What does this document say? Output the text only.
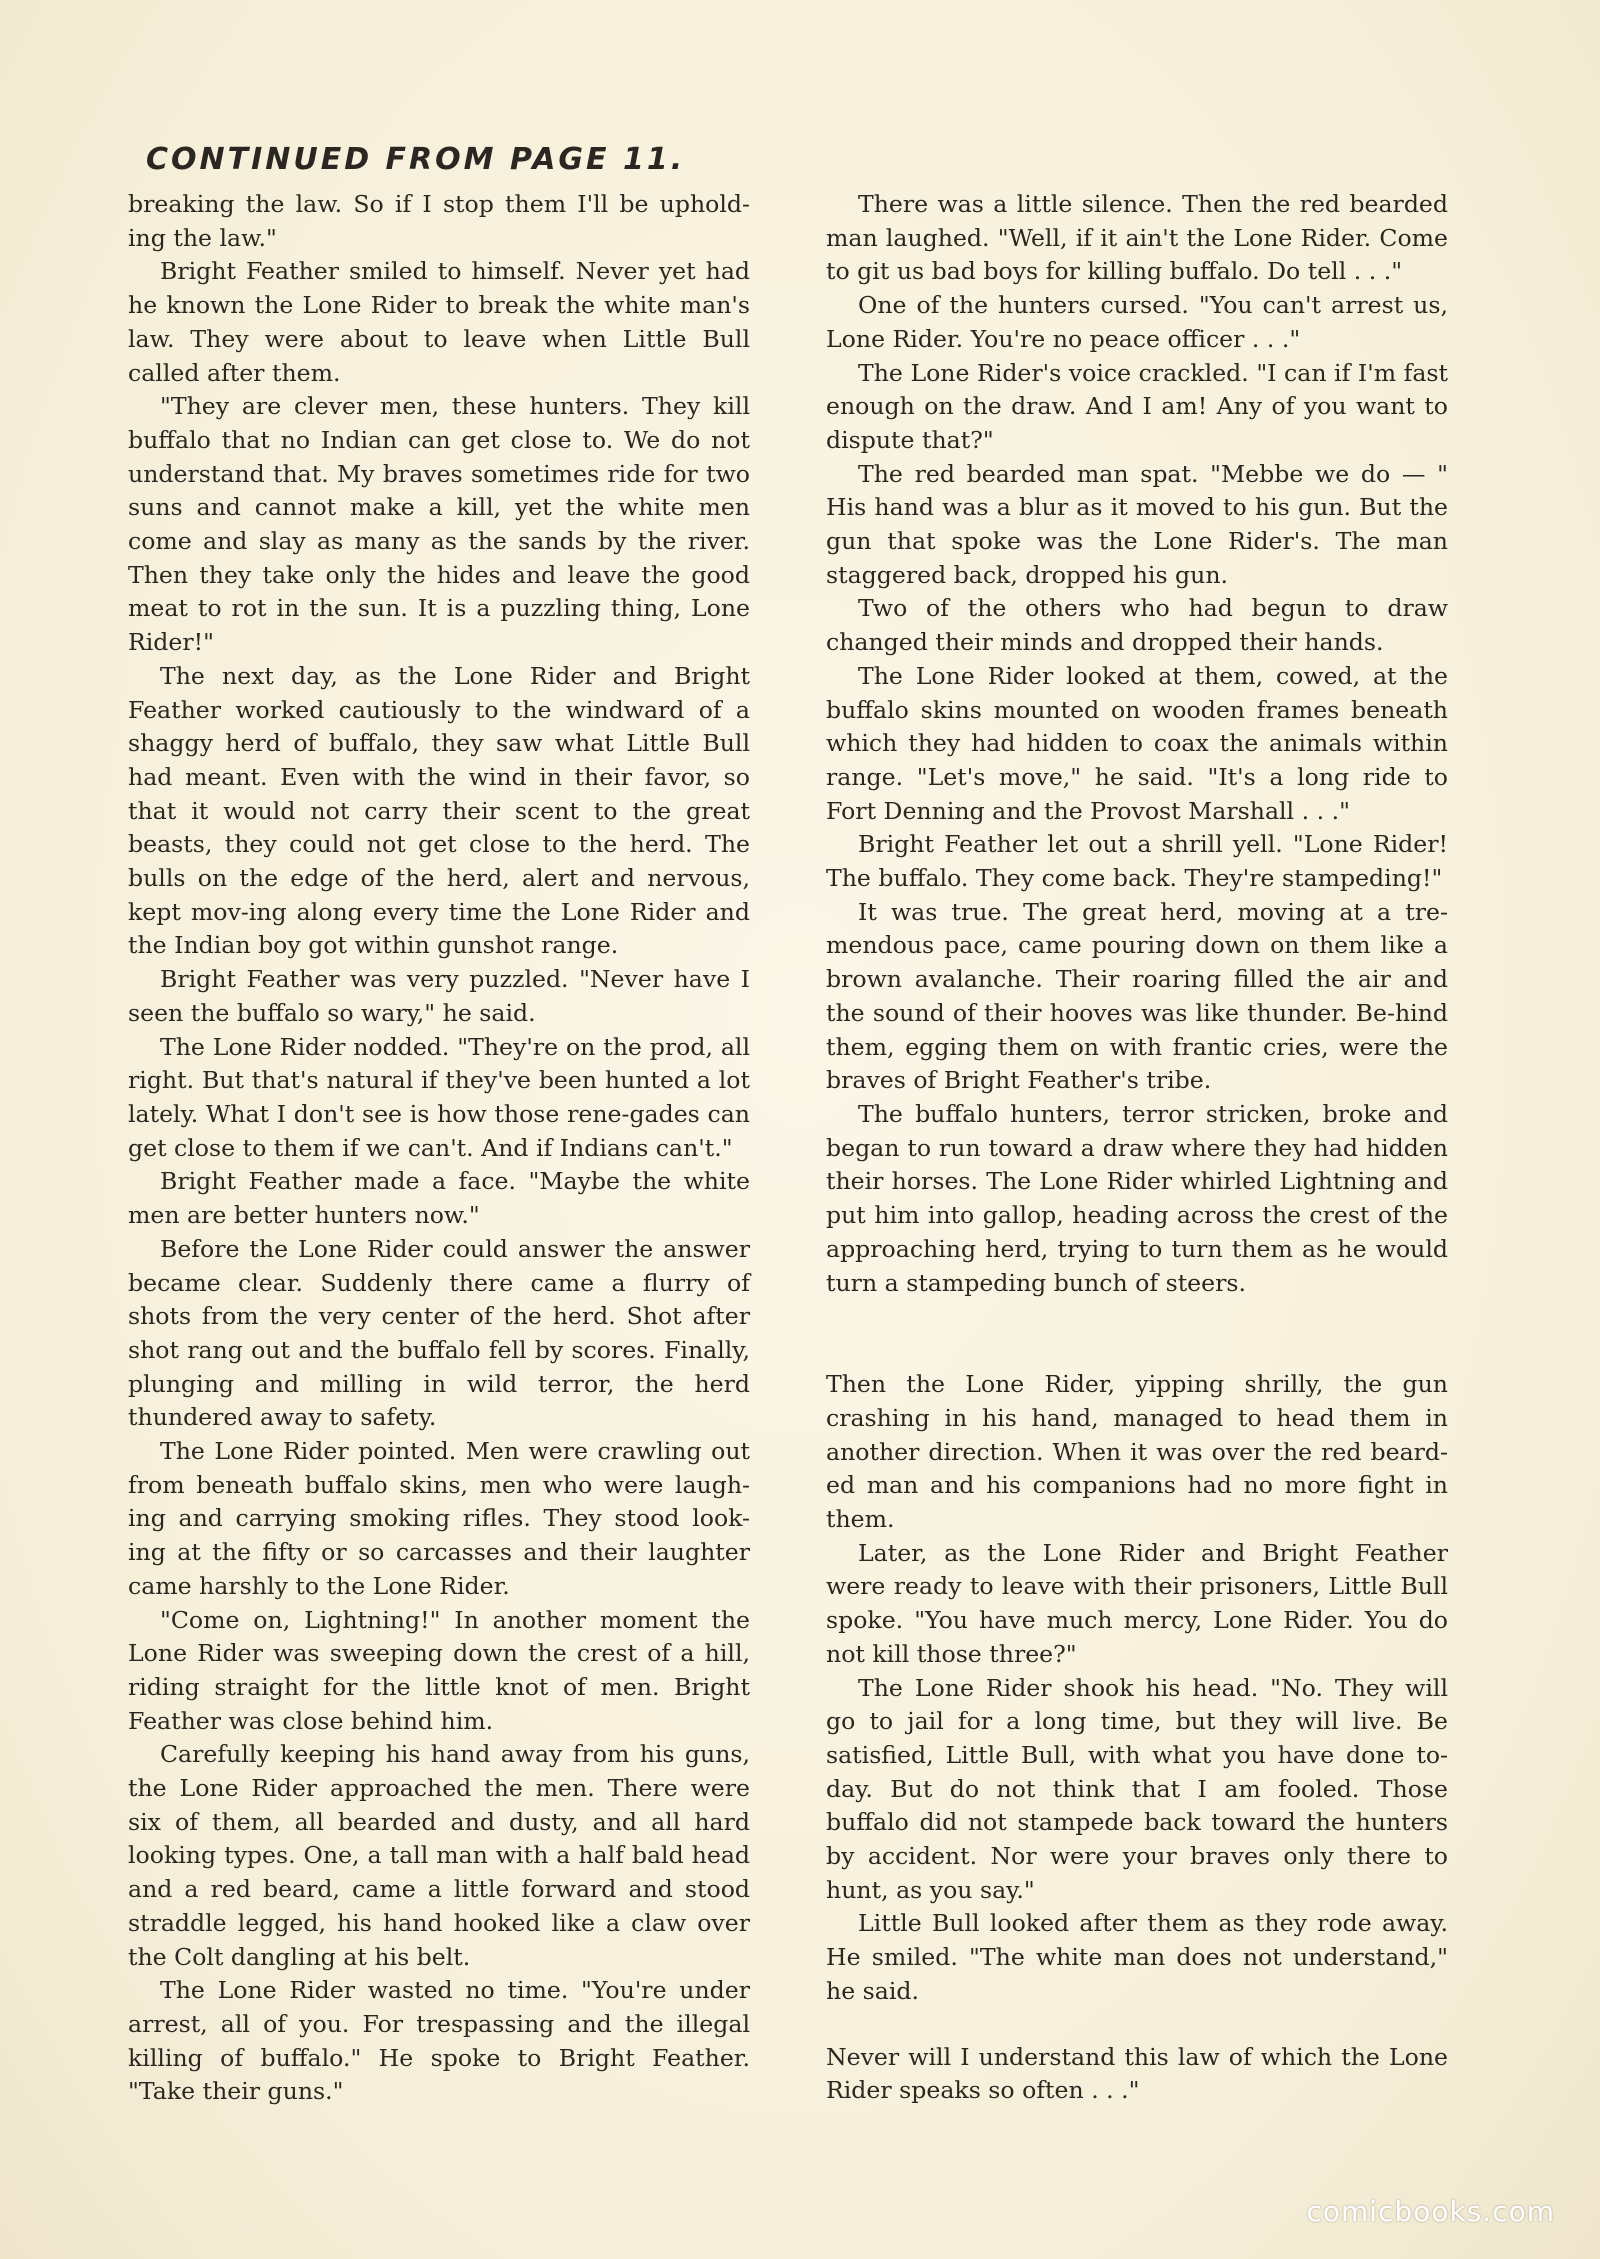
CONTINUED FROM PAGE 11.

breaking the law. So if I stop them I'll be uphold-ing the law."

Bright Feather smiled to himself. Never yet had he known the Lone Rider to break the white man's law. They were about to leave when Little Bull called after them.

"They are clever men, these hunters. They kill buffalo that no Indian can get close to. We do not understand that. My braves sometimes ride for two suns and cannot make a kill, yet the white men come and slay as many as the sands by the river. Then they take only the hides and leave the good meat to rot in the sun. It is a puzzling thing, Lone Rider!"

The next day, as the Lone Rider and Bright Feather worked cautiously to the windward of a shaggy herd of buffalo, they saw what Little Bull had meant. Even with the wind in their favor, so that it would not carry their scent to the great beasts, they could not get close to the herd. The bulls on the edge of the herd, alert and nervous, kept mov-ing along every time the Lone Rider and the Indian boy got within gunshot range.

Bright Feather was very puzzled. "Never have I seen the buffalo so wary," he said.

The Lone Rider nodded. "They're on the prod, all right. But that's natural if they've been hunted a lot lately. What I don't see is how those rene-gades can get close to them if we can't. And if Indians can't."

Bright Feather made a face. "Maybe the white men are better hunters now."

Before the Lone Rider could answer the answer became clear. Suddenly there came a flurry of shots from the very center of the herd. Shot after shot rang out and the buffalo fell by scores. Finally, plunging and milling in wild terror, the herd thundered away to safety.

The Lone Rider pointed. Men were crawling out from beneath buffalo skins, men who were laugh-ing and carrying smoking rifles. They stood look-ing at the fifty or so carcasses and their laughter came harshly to the Lone Rider.

"Come on, Lightning!" In another moment the Lone Rider was sweeping down the crest of a hill, riding straight for the little knot of men. Bright Feather was close behind him.

Carefully keeping his hand away from his guns, the Lone Rider approached the men. There were six of them, all bearded and dusty, and all hard looking types. One, a tall man with a half bald head and a red beard, came a little forward and stood straddle legged, his hand hooked like a claw over the Colt dangling at his belt.

The Lone Rider wasted no time. "You're under arrest, all of you. For trespassing and the illegal killing of buffalo." He spoke to Bright Feather. "Take their guns."

There was a little silence. Then the red bearded man laughed. "Well, if it ain't the Lone Rider. Come to git us bad boys for killing buffalo. Do tell . . ."

One of the hunters cursed. "You can't arrest us, Lone Rider. You're no peace officer . . ."

The Lone Rider's voice crackled. "I can if I'm fast enough on the draw. And I am! Any of you want to dispute that?"

The red bearded man spat. "Mebbe we do — " His hand was a blur as it moved to his gun. But the gun that spoke was the Lone Rider's. The man staggered back, dropped his gun.

Two of the others who had begun to draw changed their minds and dropped their hands.

The Lone Rider looked at them, cowed, at the buffalo skins mounted on wooden frames beneath which they had hidden to coax the animals within range. "Let's move," he said. "It's a long ride to Fort Denning and the Provost Marshall . . ."

Bright Feather let out a shrill yell. "Lone Rider! The buffalo. They come back. They're stampeding!"

It was true. The great herd, moving at a tre-mendous pace, came pouring down on them like a brown avalanche. Their roaring filled the air and the sound of their hooves was like thunder. Be-hind them, egging them on with frantic cries, were the braves of Bright Feather's tribe.

The buffalo hunters, terror stricken, broke and began to run toward a draw where they had hidden their horses. The Lone Rider whirled Lightning and put him into gallop, heading across the crest of the approaching herd, trying to turn them as he would turn a stampeding bunch of steers.

Then the Lone Rider, yipping shrilly, the gun crashing in his hand, managed to head them in another direction. When it was over the red beard-ed man and his companions had no more fight in them.

Later, as the Lone Rider and Bright Feather were ready to leave with their prisoners, Little Bull spoke. "You have much mercy, Lone Rider. You do not kill those three?"

The Lone Rider shook his head. "No. They will go to jail for a long time, but they will live. Be satisfied, Little Bull, with what you have done to-day. But do not think that I am fooled. Those buffalo did not stampede back toward the hunters by accident. Nor were your braves only there to hunt, as you say."

Little Bull looked after them as they rode away. He smiled. "The white man does not understand," he said.

Never will I understand this law of which the Lone Rider speaks so often . . ."

comicbooks.com
